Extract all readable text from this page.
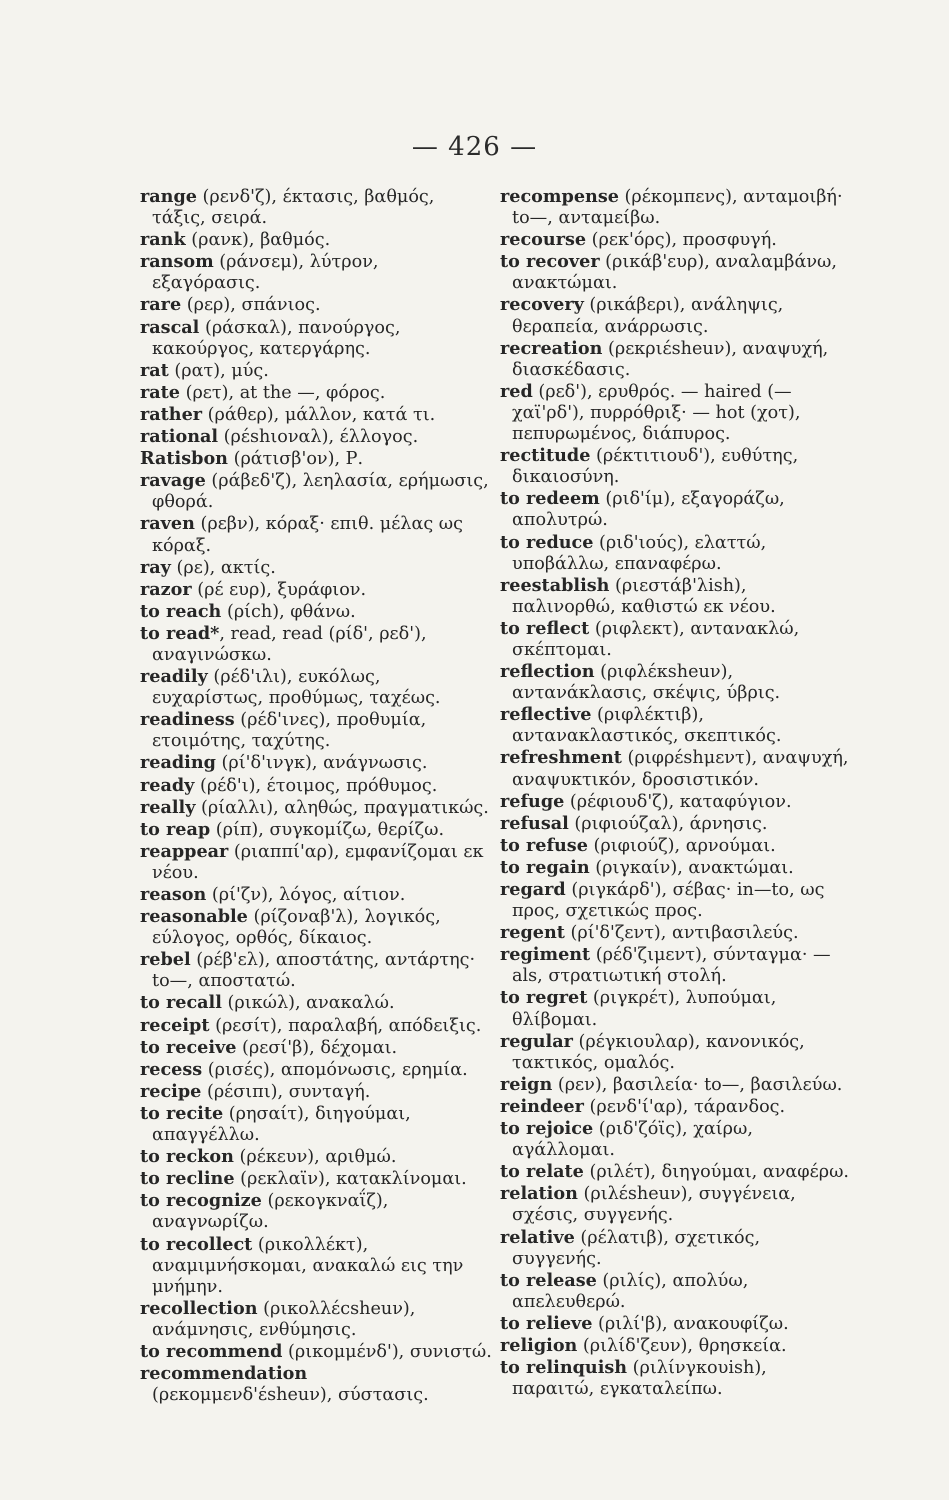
— 426 —

range (ρενδ'ζ), έκτασις, βαθμός, τάξις, σειρά.

rank (ρανκ), βαθμός.

ransom (ράνσεμ), λύτρον, εξαγόρασις.

rare (ρερ), σπάνιος.

rascal (ράσκαλ), πανούργος, κακούργος, κατεργάρης.

rat (ρατ), μύς.

rate (ρετ), at the —, φόρος.

rather (ράθερ), μάλλον, κατά τι.

rational (ρέshιοναλ), έλλογος.

Ratisbon (ράτισβ'ον), Ρ.

ravage (ράβεδ'ζ), λεηλασία, ερήμωσις, φθορά.

raven (ρεβν), κόραξ· επιθ. μέλας ως κόραξ.

ray (ρε), ακτίς.

razor (ρέ ευρ), ξυράφιον.

to reach (ρίch), φθάνω.

to read*, read, read (ρίδ', ρεδ'), αναγινώσκω.

readily (ρέδ'ιλι), ευκόλως, ευχαρίστως, προθύμως, ταχέως.

readiness (ρέδ'ινες), προθυμία, ετοιμότης, ταχύτης.

reading (ρί'δ'ινγκ), ανάγνωσις.

ready (ρέδ'ι), έτοιμος, πρόθυμος.

really (ρίαλλι), αληθώς, πραγματικώς.

to reap (ρίπ), συγκομίζω, θερίζω.

reappear (ριαππί'αρ), εμφανίζομαι εκ νέου.

reason (ρί'ζν), λόγος, αίτιον.

reasonable (ρίζοναβ'λ), λογικός, εύλογος, ορθός, δίκαιος.

rebel (ρέβ'ελ), αποστάτης, αντάρτης· to—, αποστατώ.

to recall (ρικώλ), ανακαλώ.

receipt (ρεσίτ), παραλαβή, απόδειξις.

to receive (ρεσί'β), δέχομαι.

recess (ρισές), απομόνωσις, ερημία.

recipe (ρέσιπι), συνταγή.

to recite (ρησαίτ), διηγούμαι, απαγγέλλω.

to reckon (ρέκευν), αριθμώ.

to recline (ρεκλαϊν), κατακλίνομαι.

to recognize (ρεκογκναΐζ), αναγνωρίζω.

to recollect (ρικολλέκτ), αναμιμνήσκομαι, ανακαλώ εις την μνήμην.

recollection (ρικολλέcsheuν), ανάμνησις, ενθύμησις.

to recommend (ρικομμένδ'), συνιστώ.

recommendation (ρεκομμενδ'έsheuν), σύστασις.

recompense (ρέκομπενς), ανταμοιβή· to—, ανταμείβω.

recourse (ρεκ'όρς), προσφυγή.

to recover (ρικάβ'ευρ), αναλαμβάνω, ανακτώμαι.

recovery (ρικάβερι), ανάληψις, θεραπεία, ανάρρωσις.

recreation (ρεκριέsheuν), αναψυχή, διασκέδασις.

red (ρεδ'), ερυθρός. — haired (— χαϊ'ρδ'), πυρρόθριξ· — hot (χοτ), πεπυρωμένος, διάπυρος.

rectitude (ρέκτιτιουδ'), ευθύτης, δικαιοσύνη.

to redeem (ριδ'ίμ), εξαγοράζω, απολυτρώ.

to reduce (ριδ'ιούς), ελαττώ, υποβάλλω, επαναφέρω.

reestablish (ριεστάβ'λish), παλινορθώ, καθιστώ εκ νέου.

to reflect (ριφλεκτ), αντανακλώ, σκέπτομαι.

reflection (ριφλέκsheuν), αντανάκλασις, σκέψις, ύβρις.

reflective (ριφλέκτιβ), αντανακλαστικός, σκεπτικός.

refreshment (ριφρέshμεντ), αναψυχή, αναψυκτικόν, δροσιστικόν.

refuge (ρέφιουδ'ζ), καταφύγιον.

refusal (ριφιούζαλ), άρνησις.

to refuse (ριφιούζ), αρνούμαι.

to regain (ριγκαίν), ανακτώμαι.

regard (ριγκάρδ'), σέβας· in—to, ως προς, σχετικώς προς.

regent (ρί'δ'ζεντ), αντιβασιλεύς.

regiment (ρέδ'ζιμεντ), σύνταγμα· —als, στρατιωτική στολή.

to regret (ριγκρέτ), λυπούμαι, θλίβομαι.

regular (ρέγκιουλαρ), κανονικός, τακτικός, ομαλός.

reign (ρεν), βασιλεία· to—, βασιλεύω.

reindeer (ρενδ'ί'αρ), τάρανδος.

to rejoice (ριδ'ζόϊς), χαίρω, αγάλλομαι.

to relate (ριλέτ), διηγούμαι, αναφέρω.

relation (ριλέsheuν), συγγένεια, σχέσις, συγγενής.

relative (ρέλατιβ), σχετικός, συγγενής.

to release (ριλίς), απολύω, απελευθερώ.

to relieve (ριλί'β), ανακουφίζω.

religion (ριλίδ'ζευν), θρησκεία.

to relinquish (ριλίνγκουish), παραιτώ, εγκαταλείπω.
